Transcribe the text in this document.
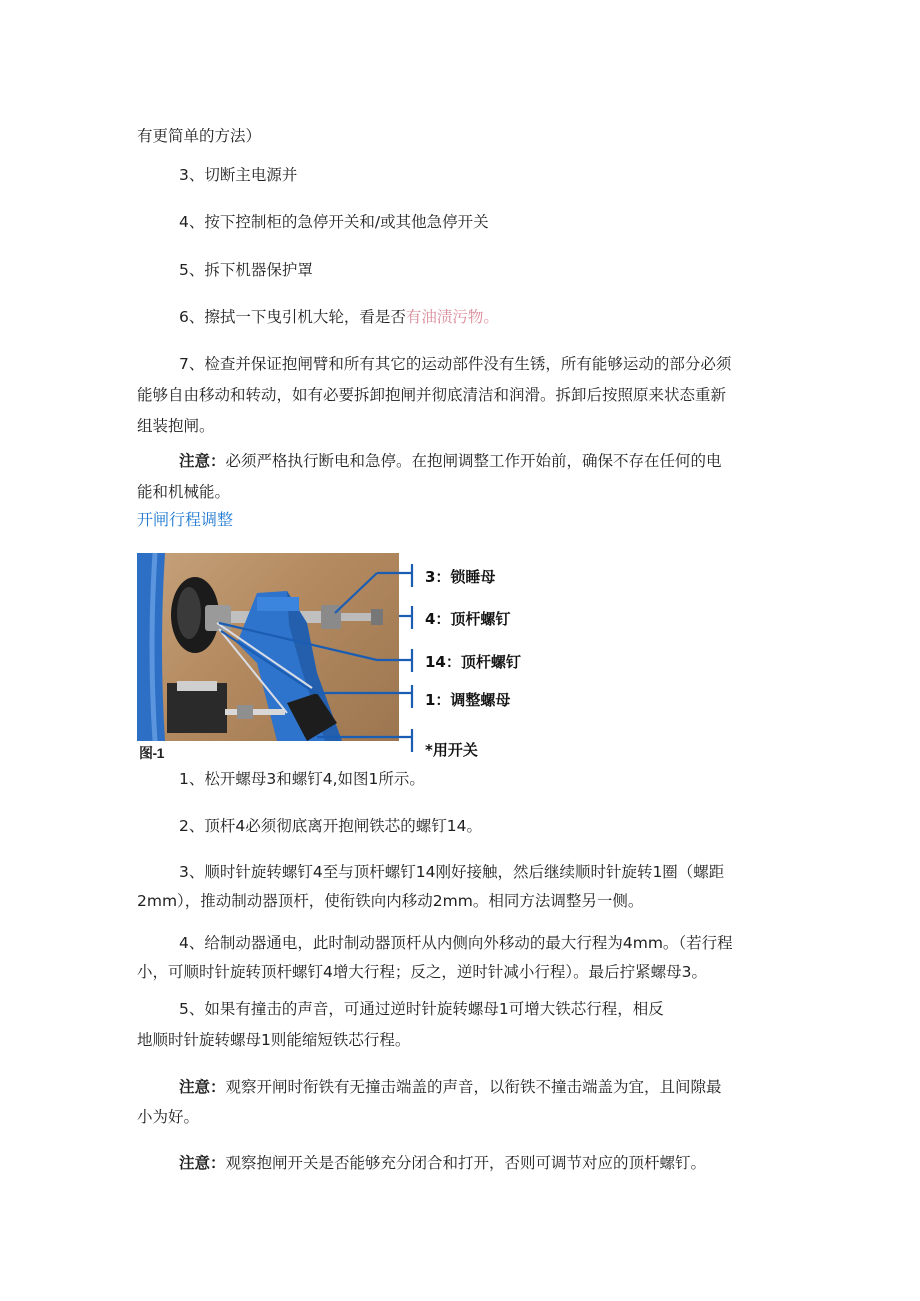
有更简单的方法）

3、切断主电源并

4、按下控制柜的急停开关和/或其他急停开关

5、拆下机器保护罩

6、擦拭一下曳引机大轮，看是否有油渍污物。

7、检查并保证抱闸臂和所有其它的运动部件没有生锈，所有能够运动的部分必须

能够自由移动和转动，如有必要拆卸抱闸并彻底清洁和润滑。拆卸后按照原来状态重新

组装抱闸。

注意：必须严格执行断电和急停。在抱闸调整工作开始前，确保不存在任何的电

能和机械能。

开闸行程调整
图-1
3：锁睡母
4：顶杆螺钉
14：顶杆螺钉
1：调整螺母
*用开关

1、松开螺母3和螺钉4,如图1所示。

2、顶杆4必须彻底离开抱闸铁芯的螺钉14。

3、顺时针旋转螺钉4至与顶杆螺钉14刚好接触，然后继续顺时针旋转1圈（螺距

2mm），推动制动器顶杆，使衔铁向内移动2mm。相同方法调整另一侧。

4、给制动器通电，此时制动器顶杆从内侧向外移动的最大行程为4mm。（若行程

小，可顺时针旋转顶杆螺钉4增大行程；反之，逆时针减小行程）。最后拧紧螺母3。

5、如果有撞击的声音，可通过逆时针旋转螺母1可增大铁芯行程，相反

地顺时针旋转螺母1则能缩短铁芯行程。

注意：观察开闸时衔铁有无撞击端盖的声音，以衔铁不撞击端盖为宜，且间隙最

小为好。

注意：观察抱闸开关是否能够充分闭合和打开，否则可调节对应的顶杆螺钉。
